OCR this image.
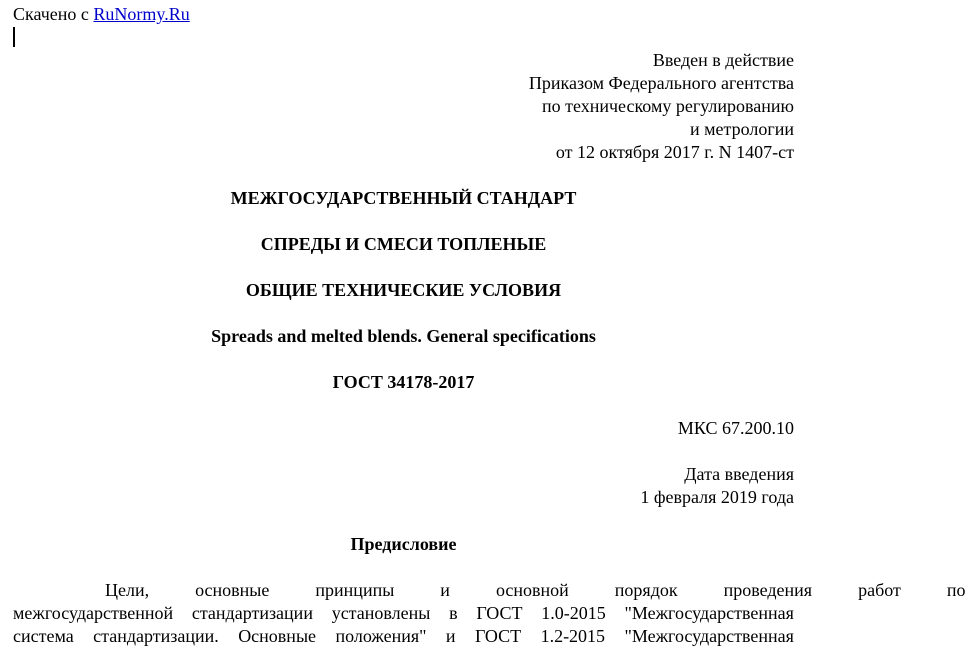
Скачено с RuNormy.Ru
Введен в действие
Приказом Федерального агентства
по техническому регулированию
и метрологии
от 12 октября 2017 г. N 1407-ст
МЕЖГОСУДАРСТВЕННЫЙ СТАНДАРТ
СПРЕДЫ И СМЕСИ ТОПЛЕНЫЕ
ОБЩИЕ ТЕХНИЧЕСКИЕ УСЛОВИЯ
Spreads and melted blends. General specifications
ГОСТ 34178-2017
МКС 67.200.10
Дата введения
1 февраля 2019 года
Предисловие

Цели,	основные	принципы	и	основной	порядок	проведения	работ	по

межгосударственной стандартизации установлены в ГОСТ 1.0-2015 "Межгосударственная

система стандартизации. Основные положения" и ГОСТ 1.2-2015 "Межгосударственная
